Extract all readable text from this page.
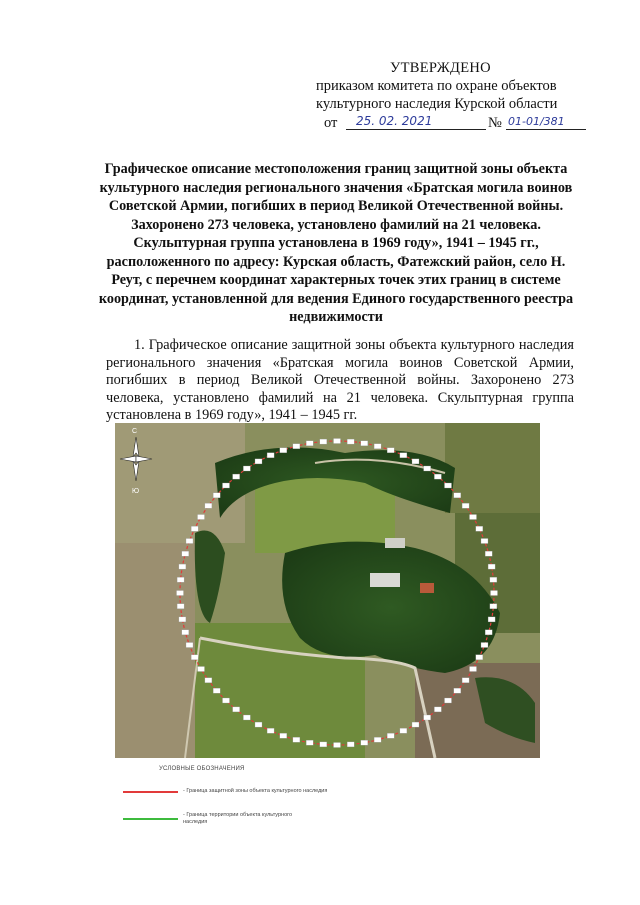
УТВЕРЖДЕНО
приказом комитета по охране объектов
культурного наследия Курской области
от	25. 02. 2021	№ 01-01/381
Графическое описание местоположения границ защитной зоны объекта культурного наследия регионального значения «Братская могила воинов Советской Армии, погибших в период Великой Отечественной войны. Захоронено 273 человека, установлено фамилий на 21 человека. Скульптурная группа установлена в 1969 году», 1941 – 1945 гг., расположенного по адресу: Курская область, Фатежский район, село Н. Реут, с перечнем координат характерных точек этих границ в системе координат, установленной для ведения Единого государственного реестра недвижимости
1. Графическое описание защитной зоны объекта культурного наследия регионального значения «Братская могила воинов Советской Армии, погибших в период Великой Отечественной войны. Захоронено 273 человека, установлено фамилий на 21 человека. Скульптурная группа установлена в 1969 году», 1941 – 1945 гг.
С
Ю
УСЛОВНЫЕ ОБОЗНАЧЕНИЯ
- Граница защитной зоны объекта культурного наследия
- Граница территории объекта культурного наследия
